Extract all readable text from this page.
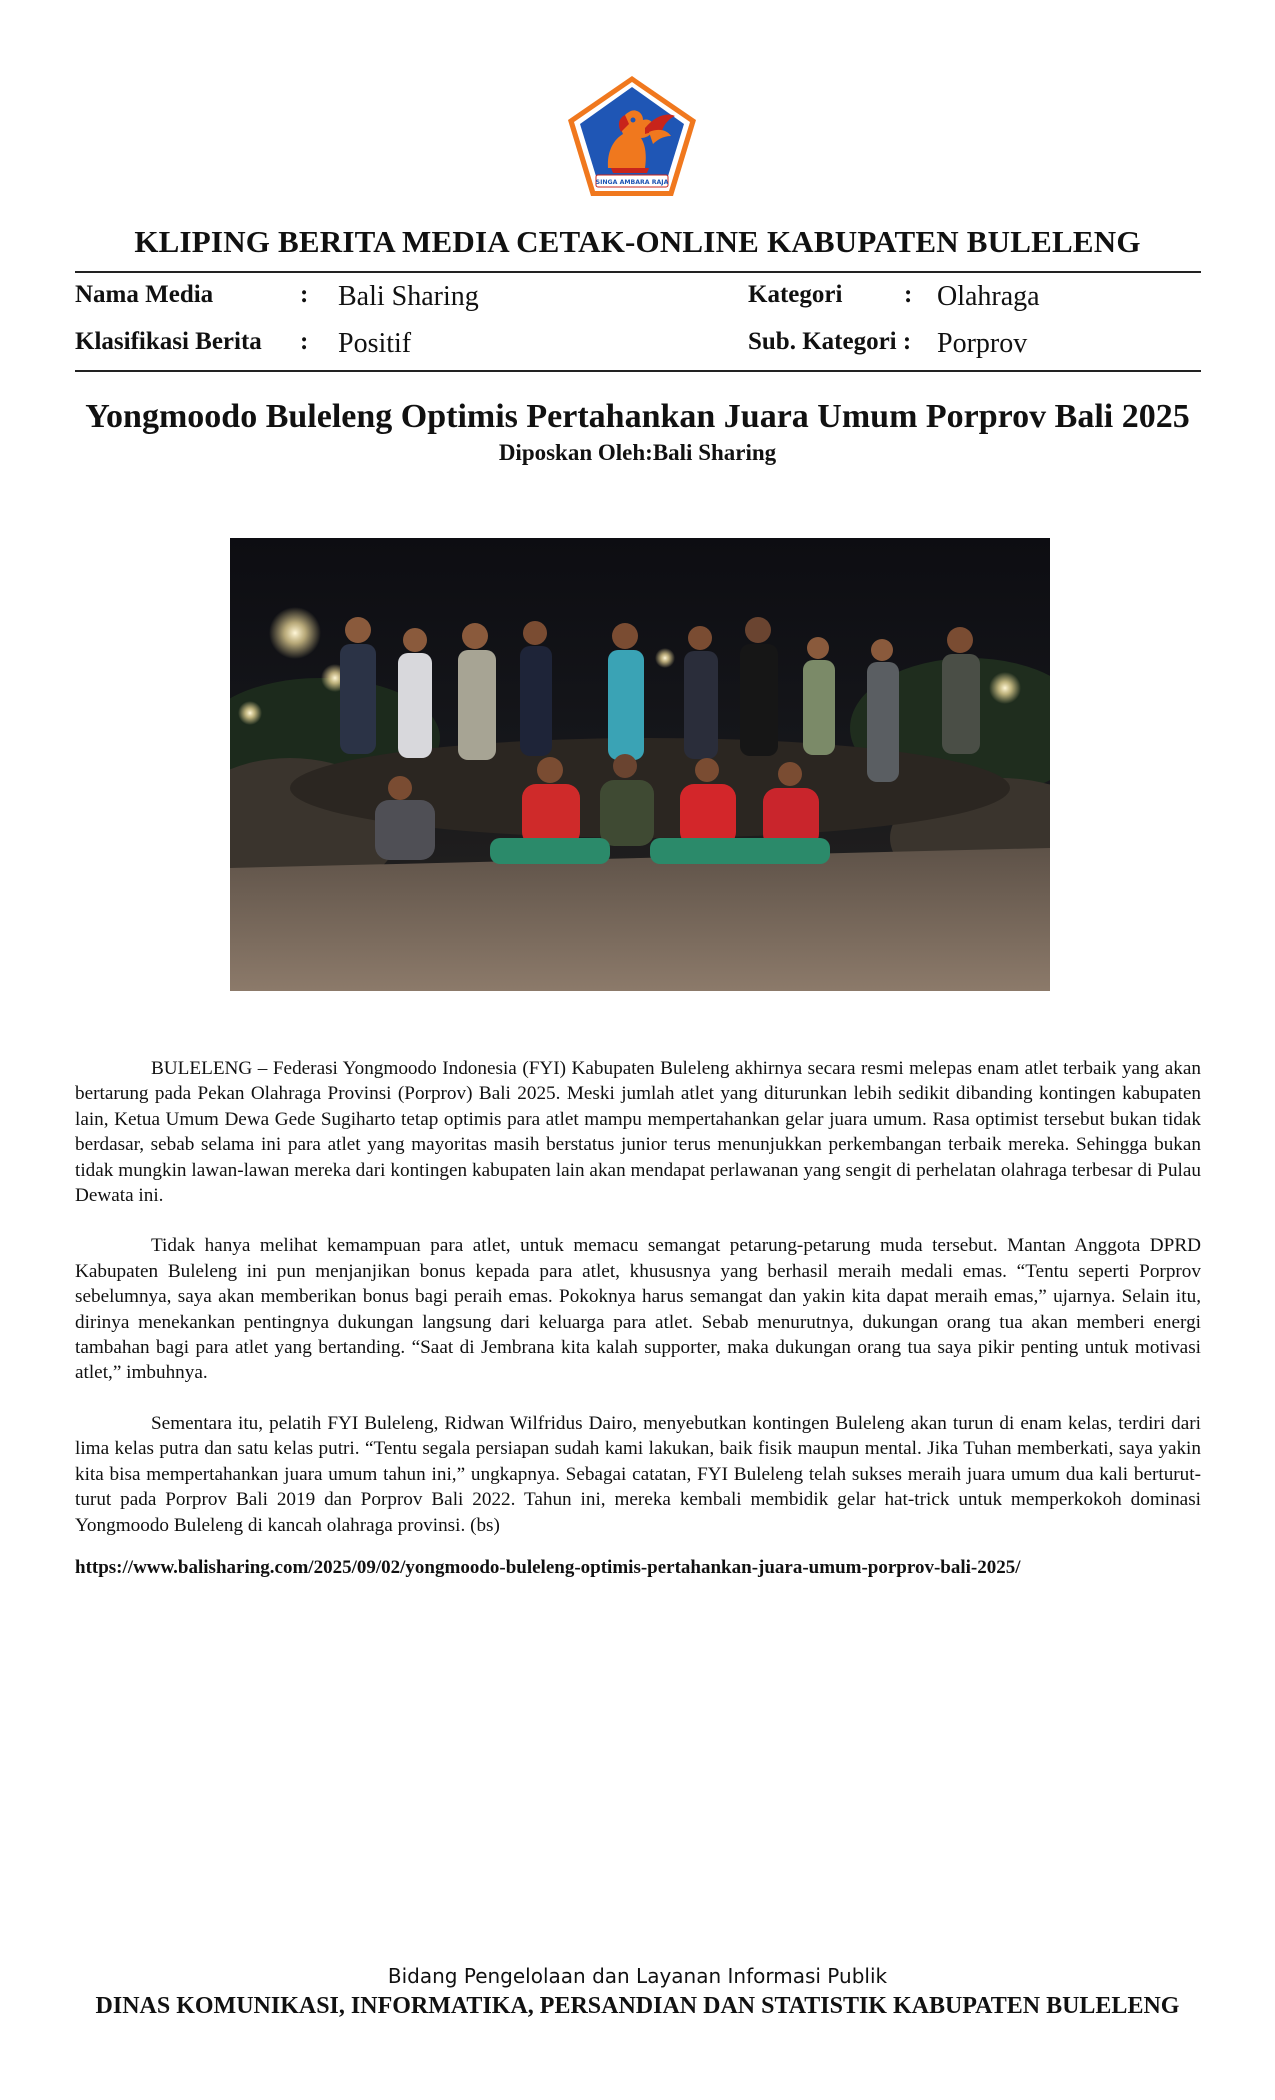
SINGA AMBARA RAJA
KLIPING BERITA MEDIA CETAK-ONLINE KABUPATEN BULELENG
Nama Media	: Bali Sharing	Kategori : Olahraga
Klasifikasi Berita : Positif	Sub. Kategori : Porprov
Yongmoodo Buleleng Optimis Pertahankan Juara Umum Porprov Bali 2025
Diposkan Oleh:Bali Sharing

BULELENG – Federasi Yongmoodo Indonesia (FYI) Kabupaten Buleleng akhirnya secara resmi melepas enam atlet terbaik yang akan bertarung pada Pekan Olahraga Provinsi (Porprov) Bali 2025. Meski jumlah atlet yang diturunkan lebih sedikit dibanding kontingen kabupaten lain, Ketua Umum Dewa Gede Sugiharto tetap optimis para atlet mampu mempertahankan gelar juara umum. Rasa optimist tersebut bukan tidak berdasar, sebab selama ini para atlet yang mayoritas masih berstatus junior terus menunjukkan perkembangan terbaik mereka. Sehingga bukan tidak mungkin lawan-lawan mereka dari kontingen kabupaten lain akan mendapat perlawanan yang sengit di perhelatan olahraga terbesar di Pulau Dewata ini.

Tidak hanya melihat kemampuan para atlet, untuk memacu semangat petarung-petarung muda tersebut. Mantan Anggota DPRD Kabupaten Buleleng ini pun menjanjikan bonus kepada para atlet, khususnya yang berhasil meraih medali emas. “Tentu seperti Porprov sebelumnya, saya akan memberikan bonus bagi peraih emas. Pokoknya harus semangat dan yakin kita dapat meraih emas,” ujarnya. Selain itu, dirinya menekankan pentingnya dukungan langsung dari keluarga para atlet. Sebab menurutnya, dukungan orang tua akan memberi energi tambahan bagi para atlet yang bertanding. “Saat di Jembrana kita kalah supporter, maka dukungan orang tua saya pikir penting untuk motivasi atlet,” imbuhnya.

Sementara itu, pelatih FYI Buleleng, Ridwan Wilfridus Dairo, menyebutkan kontingen Buleleng akan turun di enam kelas, terdiri dari lima kelas putra dan satu kelas putri. “Tentu segala persiapan sudah kami lakukan, baik fisik maupun mental. Jika Tuhan memberkati, saya yakin kita bisa mempertahankan juara umum tahun ini,” ungkapnya. Sebagai catatan, FYI Buleleng telah sukses meraih juara umum dua kali berturut-turut pada Porprov Bali 2019 dan Porprov Bali 2022. Tahun ini, mereka kembali membidik gelar hat-trick untuk memperkokoh dominasi Yongmoodo Buleleng di kancah olahraga provinsi. (bs)

https://www.balisharing.com/2025/09/02/yongmoodo-buleleng-optimis-pertahankan-juara-umum-porprov-bali-2025/
Bidang Pengelolaan dan Layanan Informasi Publik
DINAS KOMUNIKASI, INFORMATIKA, PERSANDIAN DAN STATISTIK KABUPATEN BULELENG
